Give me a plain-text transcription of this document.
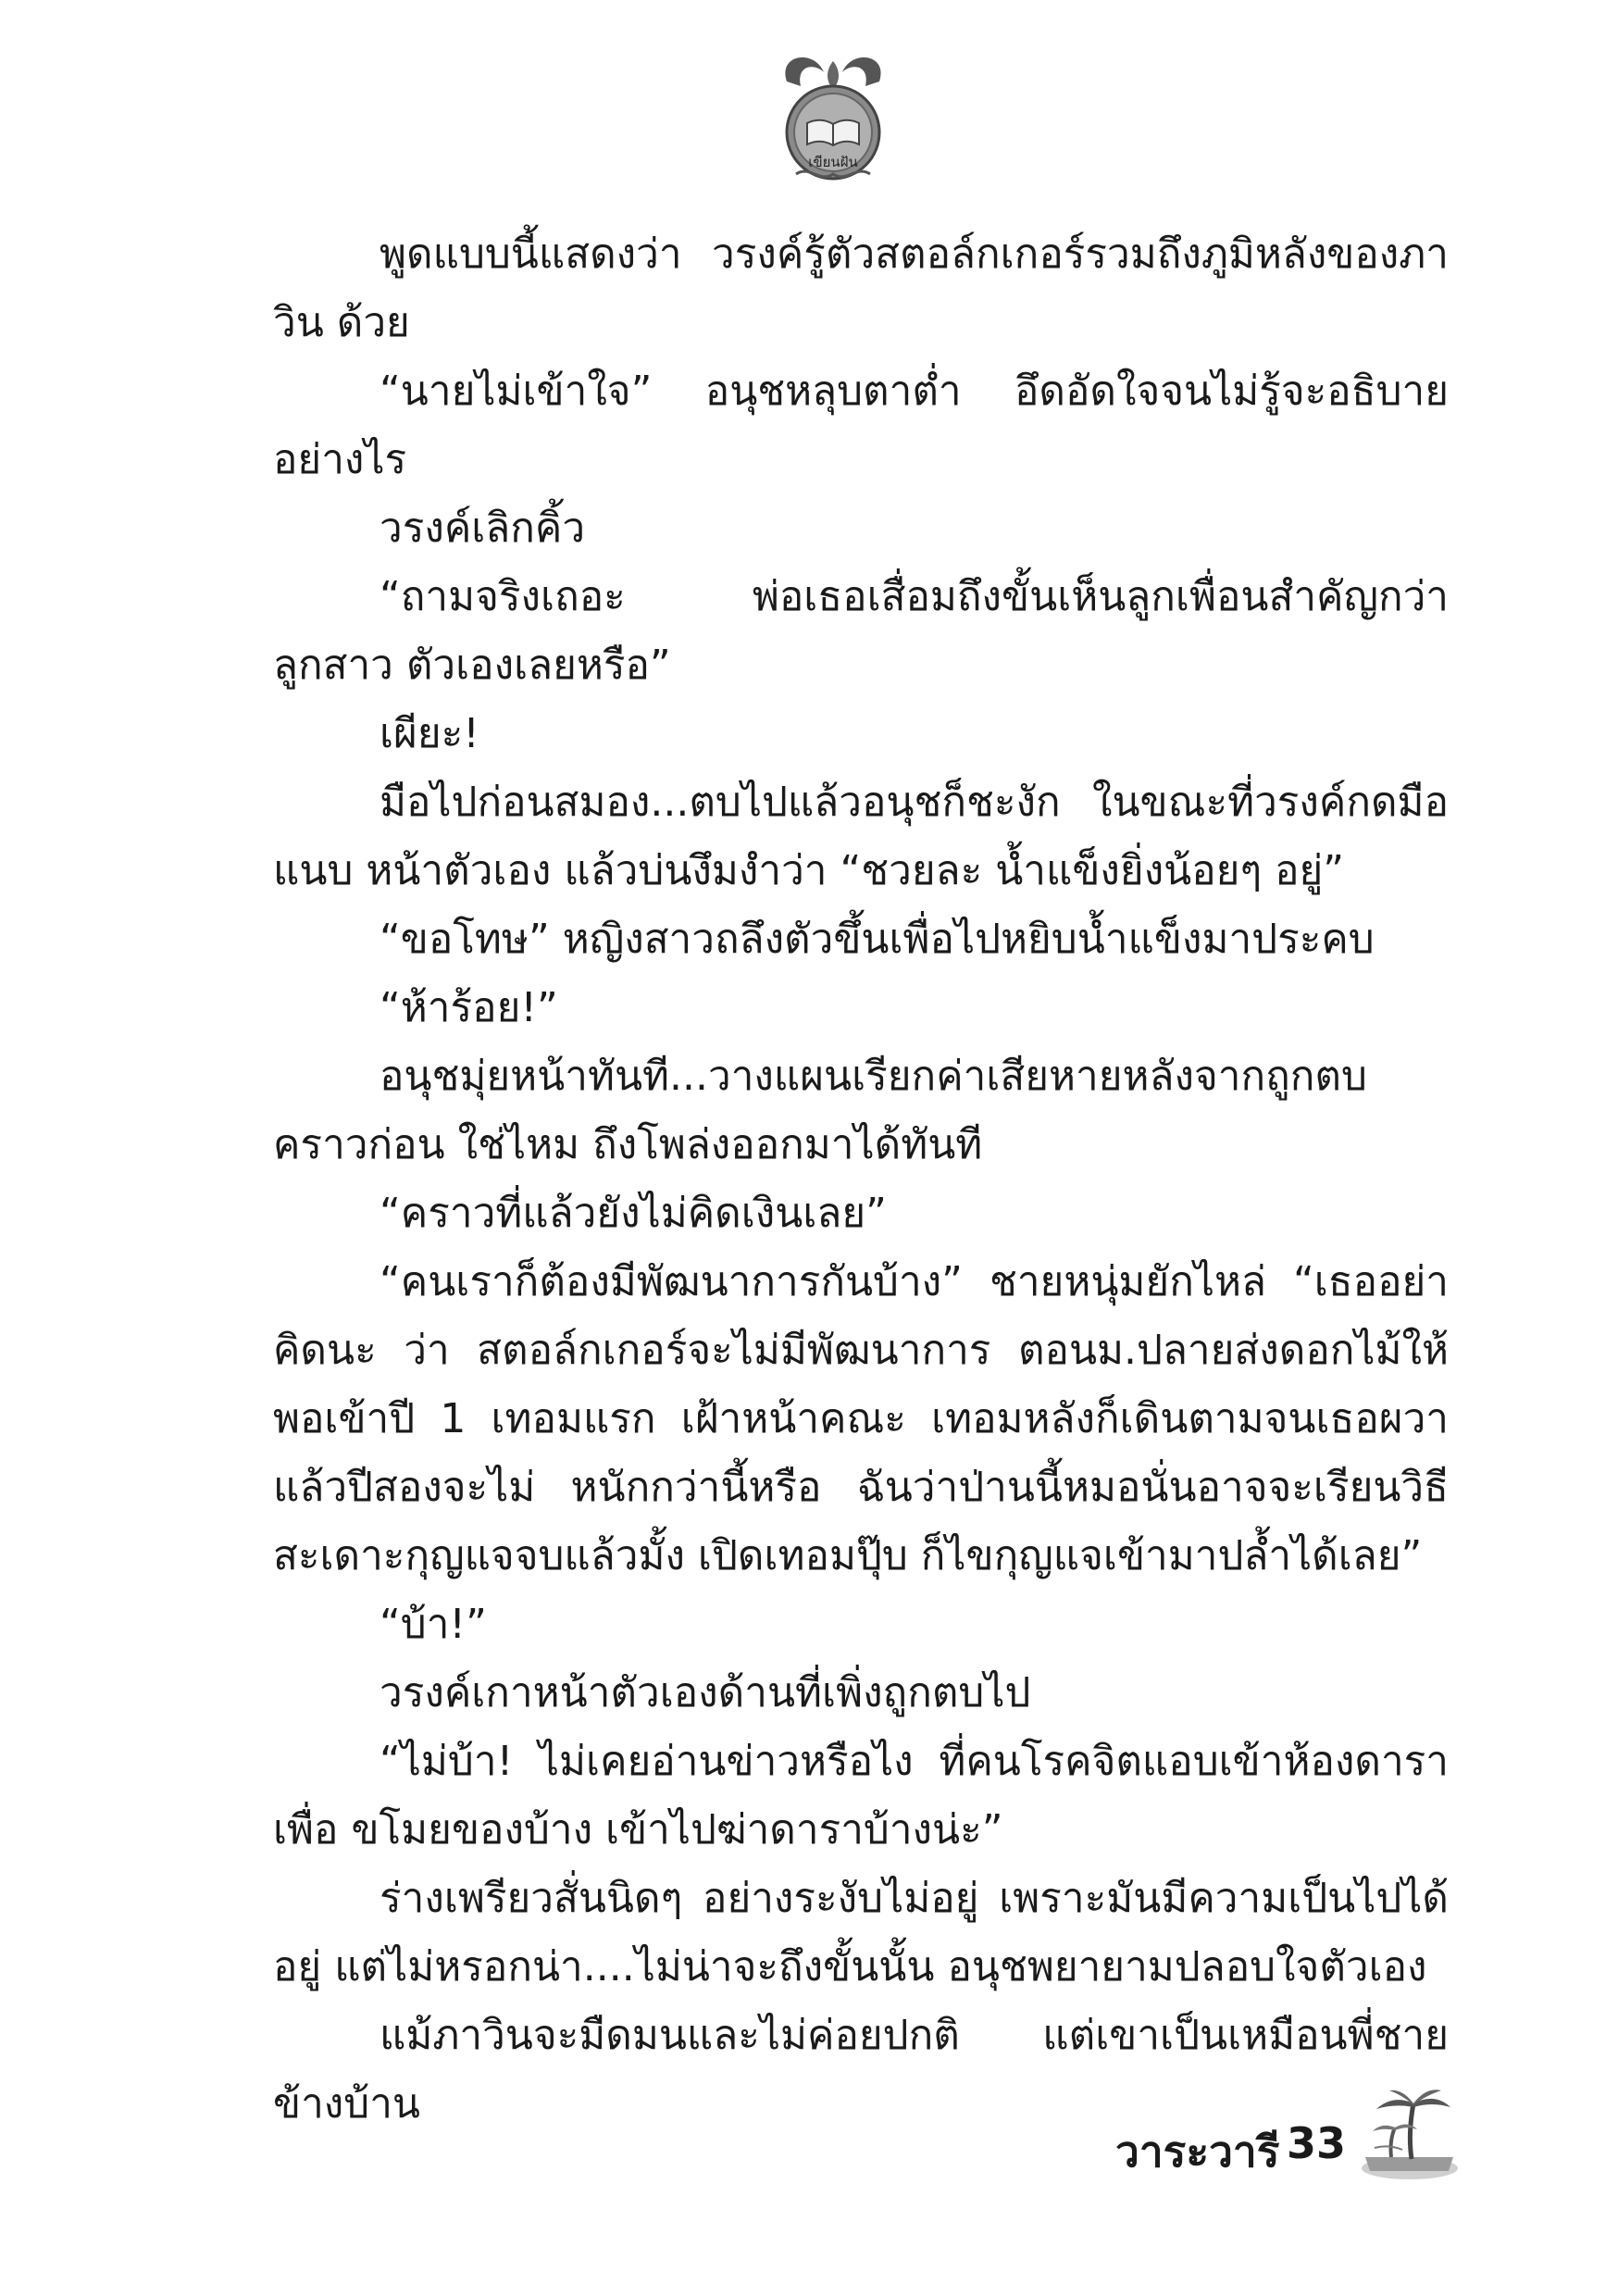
เขียนฝัน

พูดแบบนี้แสดงว่า วรงค์รู้ตัวสตอล์กเกอร์รวมถึงภูมิหลังของภาวิน ด้วย

“นายไม่เข้าใจ” อนุชหลุบตาต่ำ อึดอัดใจจนไม่รู้จะอธิบายอย่างไร

วรงค์เลิกคิ้ว

“ถามจริงเถอะ พ่อเธอเสื่อมถึงขั้นเห็นลูกเพื่อนสำคัญกว่าลูกสาว ตัวเองเลยหรือ”

เผียะ!

มือไปก่อนสมอง...ตบไปแล้วอนุชก็ชะงัก ในขณะที่วรงค์กดมือแนบ หน้าตัวเอง แล้วบ่นงึมงำว่า “ชวยละ น้ำแข็งยิ่งน้อยๆ อยู่”

“ขอโทษ” หญิงสาวถลึงตัวขึ้นเพื่อไปหยิบน้ำแข็งมาประคบ

“ห้าร้อย!”

อนุชมุ่ยหน้าทันที...วางแผนเรียกค่าเสียหายหลังจากถูกตบคราวก่อน ใช่ไหม ถึงโพล่งออกมาได้ทันที

“คราวที่แล้วยังไม่คิดเงินเลย”

“คนเราก็ต้องมีพัฒนาการกันบ้าง” ชายหนุ่มยักไหล่ “เธออย่าคิดนะ ว่า สตอล์กเกอร์จะไม่มีพัฒนาการ ตอนม.ปลายส่งดอกไม้ให้ พอเข้าปี 1 เทอมแรก เฝ้าหน้าคณะ เทอมหลังก็เดินตามจนเธอผวา แล้วปีสองจะไม่ หนักกว่านี้หรือ ฉันว่าป่านนี้หมอนั่นอาจจะเรียนวิธีสะเดาะกุญแจจบแล้วมั้ง เปิดเทอมปุ๊บ ก็ไขกุญแจเข้ามาปล้ำได้เลย”

“บ้า!”

วรงค์เกาหน้าตัวเองด้านที่เพิ่งถูกตบไป

“ไม่บ้า! ไม่เคยอ่านข่าวหรือไง ที่คนโรคจิตแอบเข้าห้องดาราเพื่อ ขโมยของบ้าง เข้าไปฆ่าดาราบ้างน่ะ”

ร่างเพรียวสั่นนิดๆ อย่างระงับไม่อยู่ เพราะมันมีความเป็นไปได้อยู่ แต่ไม่หรอกน่า....ไม่น่าจะถึงขั้นนั้น อนุชพยายามปลอบใจตัวเอง

แม้ภาวินจะมืดมนและไม่ค่อยปกติ แต่เขาเป็นเหมือนพี่ชายข้างบ้าน

วาระวารี 33
